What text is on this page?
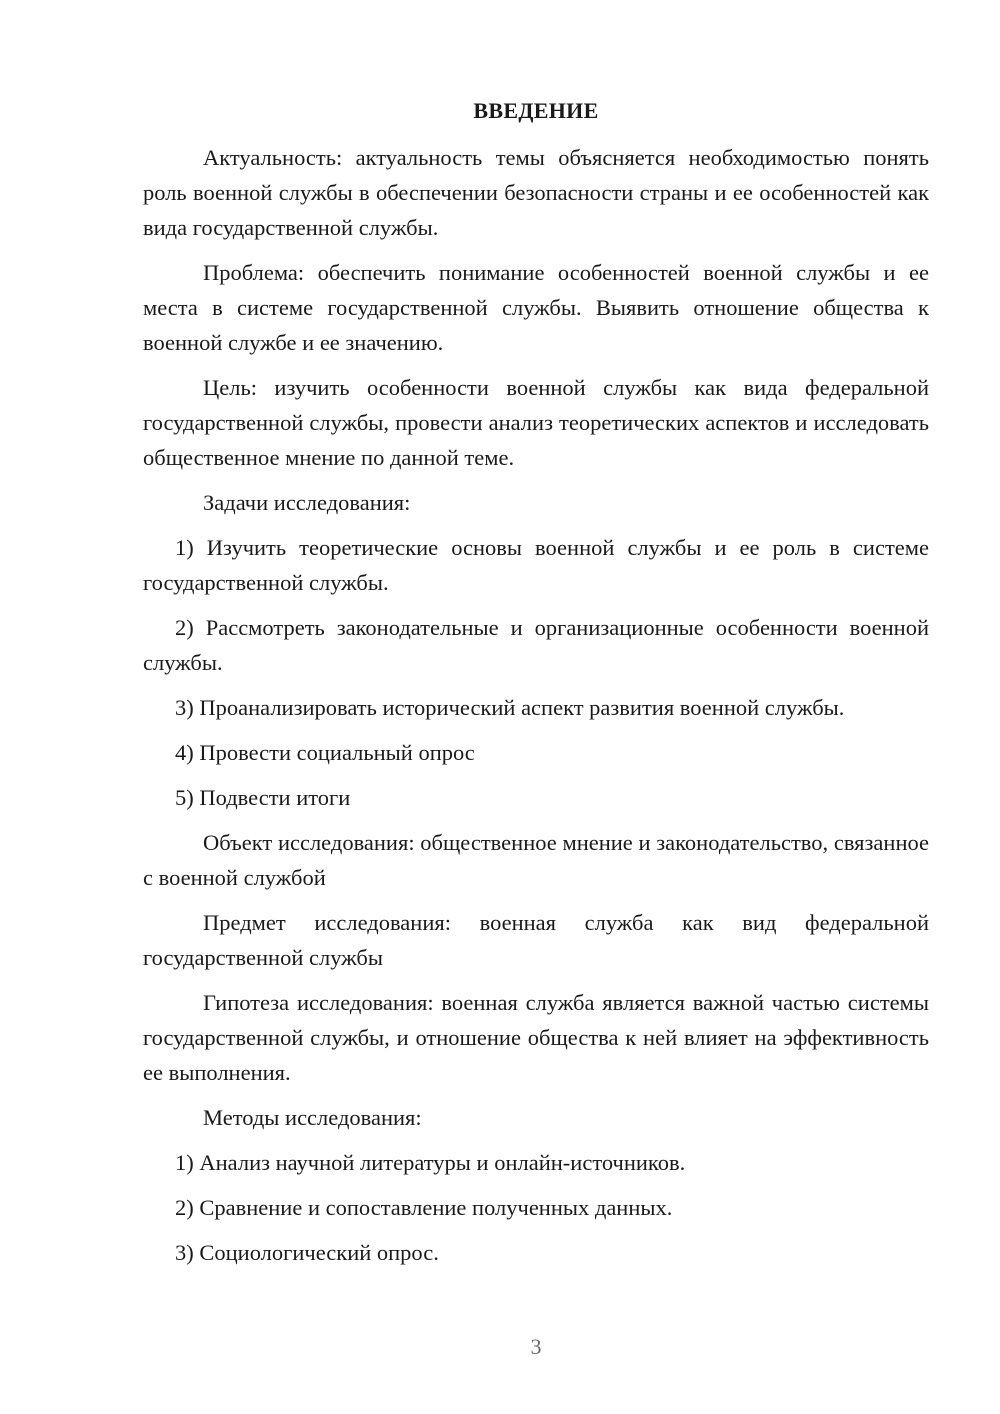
ВВЕДЕНИЕ

Актуальность: актуальность темы объясняется необходимостью понять роль военной службы в обеспечении безопасности страны и ее особенностей как вида государственной службы.

Проблема: обеспечить понимание особенностей военной службы и ее места в системе государственной службы. Выявить отношение общества к военной службе и ее значению.

Цель: изучить особенности военной службы как вида федеральной государственной службы, провести анализ теоретических аспектов и исследовать общественное мнение по данной теме.

Задачи исследования:

1) Изучить теоретические основы военной службы и ее роль в системе государственной службы.

2) Рассмотреть законодательные и организационные особенности военной службы.

3) Проанализировать исторический аспект развития военной службы.

4) Провести социальный опрос

5) Подвести итоги

Объект исследования: общественное мнение и законодательство, связанное с военной службой

Предмет исследования: военная служба как вид федеральной государственной службы

Гипотеза исследования: военная служба является важной частью системы государственной службы, и отношение общества к ней влияет на эффективность ее выполнения.

Методы исследования:

1) Анализ научной литературы и онлайн-источников.

2) Сравнение и сопоставление полученных данных.

3) Социологический опрос.

3
